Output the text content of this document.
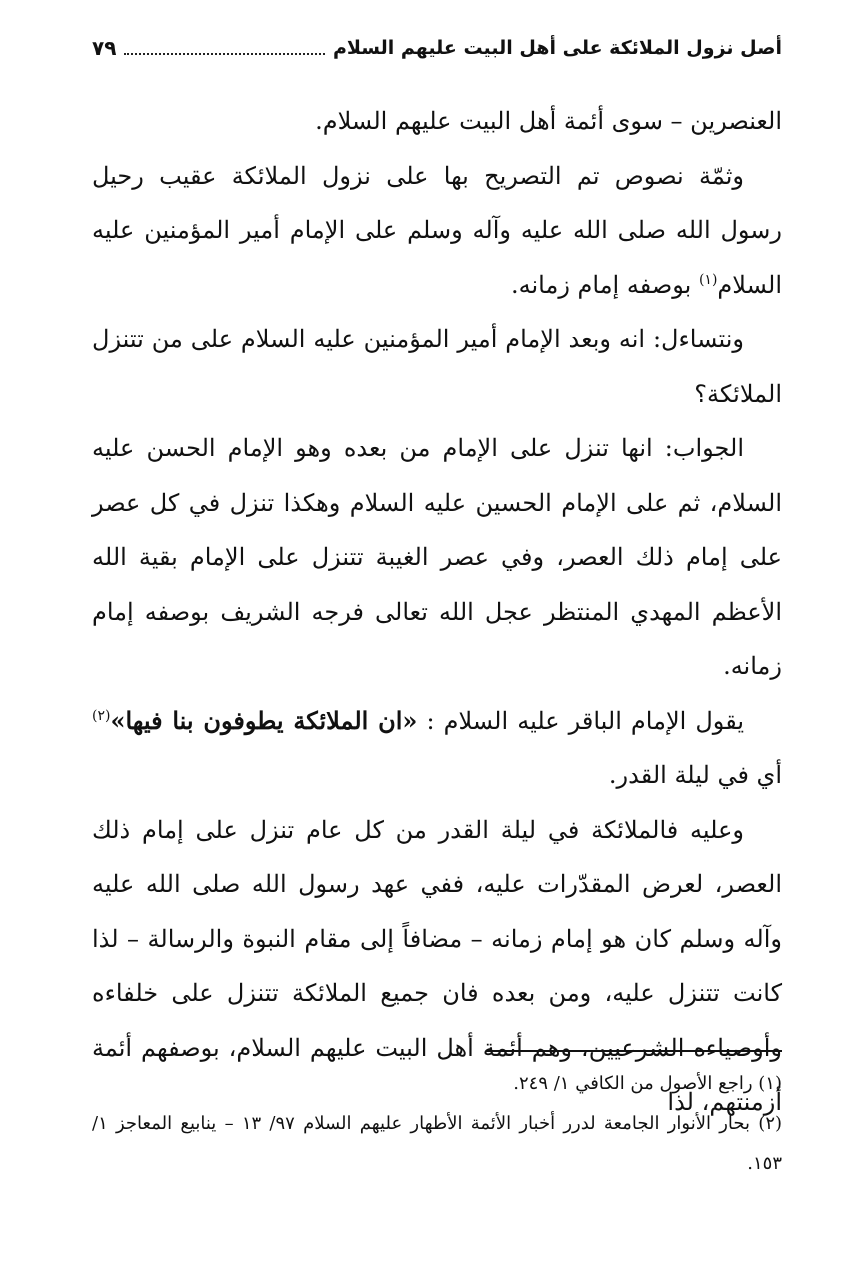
أصل نزول الملائكة على أهل البيت عليهم السلام
٧٩

العنصرين – سوى أئمة أهل البيت عليهم السلام.

وثمّة نصوص تم التصريح بها على نزول الملائكة عقيب رحيل رسول الله صلى الله عليه وآله وسلم على الإمام أمير المؤمنين عليه السلام$^{(١)}$ بوصفه إمام زمانه.

ونتساءل: انه وبعد الإمام أمير المؤمنين عليه السلام على من تتنزل الملائكة؟

الجواب: انها تنزل على الإمام من بعده وهو الإمام الحسن عليه السلام، ثم على الإمام الحسين عليه السلام وهكذا تنزل في كل عصر على إمام ذلك العصر، وفي عصر الغيبة تتنزل على الإمام بقية الله الأعظم المهدي المنتظر عجل الله تعالى فرجه الشريف بوصفه إمام زمانه.

يقول الإمام الباقر عليه السلام : «ان الملائكة يطوفون بنا فيها»$^{(٢)}$ أي في ليلة القدر.

وعليه فالملائكة في ليلة القدر من كل عام تنزل على إمام ذلك العصر، لعرض المقدّرات عليه، ففي عهد رسول الله صلى الله عليه وآله وسلم كان هو إمام زمانه – مضافاً إلى مقام النبوة والرسالة – لذا كانت تتنزل عليه، ومن بعده فان جميع الملائكة تتنزل على خلفاءه وأوصياءه الشرعيين، وهم أئمة أهل البيت عليهم السلام، بوصفهم أئمة أزمنتهم، لذا

(١) راجع الأصول من الكافي ١/ ٢٤٩.

(٢) بحار الأنوار الجامعة لدرر أخبار الأئمة الأطهار عليهم السلام ٩٧/ ١٣ – ينابيع المعاجز ١/ ١٥٣.
